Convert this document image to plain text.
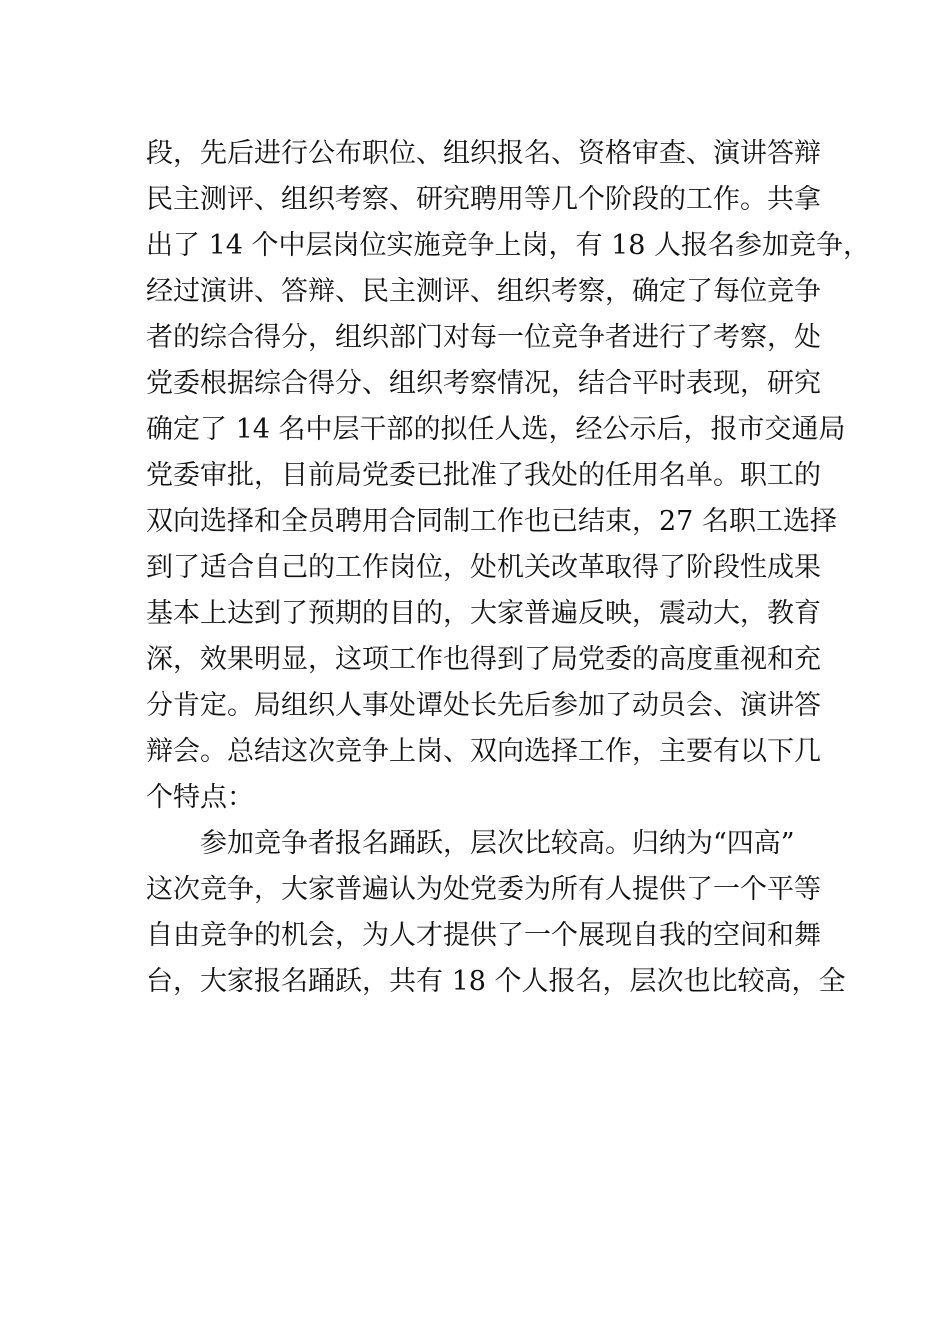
段，先后进行公布职位、组织报名、资格审查、演讲答辩
民主测评、组织考察、研究聘用等几个阶段的工作。共拿
出了 14 个中层岗位实施竞争上岗，有 18 人报名参加竞争，
经过演讲、答辩、民主测评、组织考察，确定了每位竞争
者的综合得分，组织部门对每一位竞争者进行了考察，处
党委根据综合得分、组织考察情况，结合平时表现，研究
确定了 14 名中层干部的拟任人选，经公示后，报市交通局
党委审批，目前局党委已批准了我处的任用名单。职工的
双向选择和全员聘用合同制工作也已结束，27 名职工选择
到了适合自己的工作岗位，处机关改革取得了阶段性成果
基本上达到了预期的目的，大家普遍反映，震动大，教育
深，效果明显，这项工作也得到了局党委的高度重视和充
分肯定。局组织人事处谭处长先后参加了动员会、演讲答
辩会。总结这次竞争上岗、双向选择工作，主要有以下几
个特点：
参加竞争者报名踊跃，层次比较高。归纳为“四高”
这次竞争，大家普遍认为处党委为所有人提供了一个平等
自由竞争的机会，为人才提供了一个展现自我的空间和舞
台，大家报名踊跃，共有 18 个人报名，层次也比较高，全
